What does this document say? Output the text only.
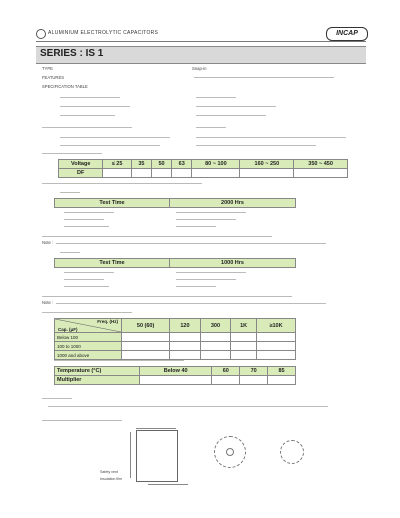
ALUMINIUM ELECTROLYTIC CAPACITORS	INCAP
SERIES : IS 1
TYPE	Snap-in
FEATURES
SPECIFICATION TABLE
Voltage	≤ 25	35	50	63	80 ~ 100	160 ~ 250	350 ~ 450
DF							
Test Time	2000 Hrs
Note :
Test Time	1000 Hrs
Note :
Freq. (Hz)
Cap. (μF)	50 (60)	120	300	1K	≥10K
Below 100					
100 to 1000					
1000 and above					
Temperature (°C)	Below 40	60	70	85
Multiplier				
Safety vent
Insulation film
